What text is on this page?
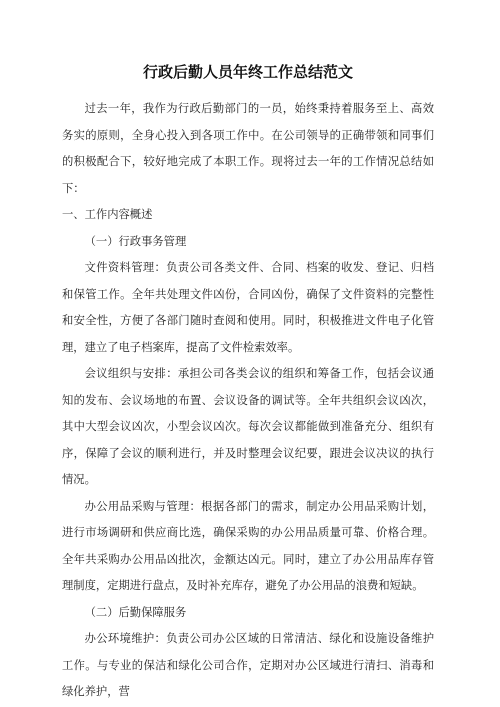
行政后勤人员年终工作总结范文

过去一年，我作为行政后勤部门的一员，始终秉持着服务至上、高效务实的原则，全身心投入到各项工作中。在公司领导的正确带领和同事们的积极配合下，较好地完成了本职工作。现将过去一年的工作情况总结如下：

一、工作内容概述

（一）行政事务管理

文件资料管理：负责公司各类文件、合同、档案的收发、登记、归档和保管工作。全年共处理文件凶份，合同凶份，确保了文件资料的完整性和安全性，方便了各部门随时查阅和使用。同时，积极推进文件电子化管理，建立了电子档案库，提高了文件检索效率。

会议组织与安排：承担公司各类会议的组织和筹备工作，包括会议通知的发布、会议场地的布置、会议设备的调试等。全年共组织会议凶次，其中大型会议凶次，小型会议凶次。每次会议都能做到准备充分、组织有序，保障了会议的顺利进行，并及时整理会议纪要，跟进会议决议的执行情况。

办公用品采购与管理：根据各部门的需求，制定办公用品采购计划，进行市场调研和供应商比选，确保采购的办公用品质量可靠、价格合理。全年共采购办公用品凶批次，金额达凶元。同时，建立了办公用品库存管理制度，定期进行盘点，及时补充库存，避免了办公用品的浪费和短缺。

（二）后勤保障服务

办公环境维护：负责公司办公区域的日常清洁、绿化和设施设备维护工作。与专业的保洁和绿化公司合作，定期对办公区域进行清扫、消毒和绿化养护，营
